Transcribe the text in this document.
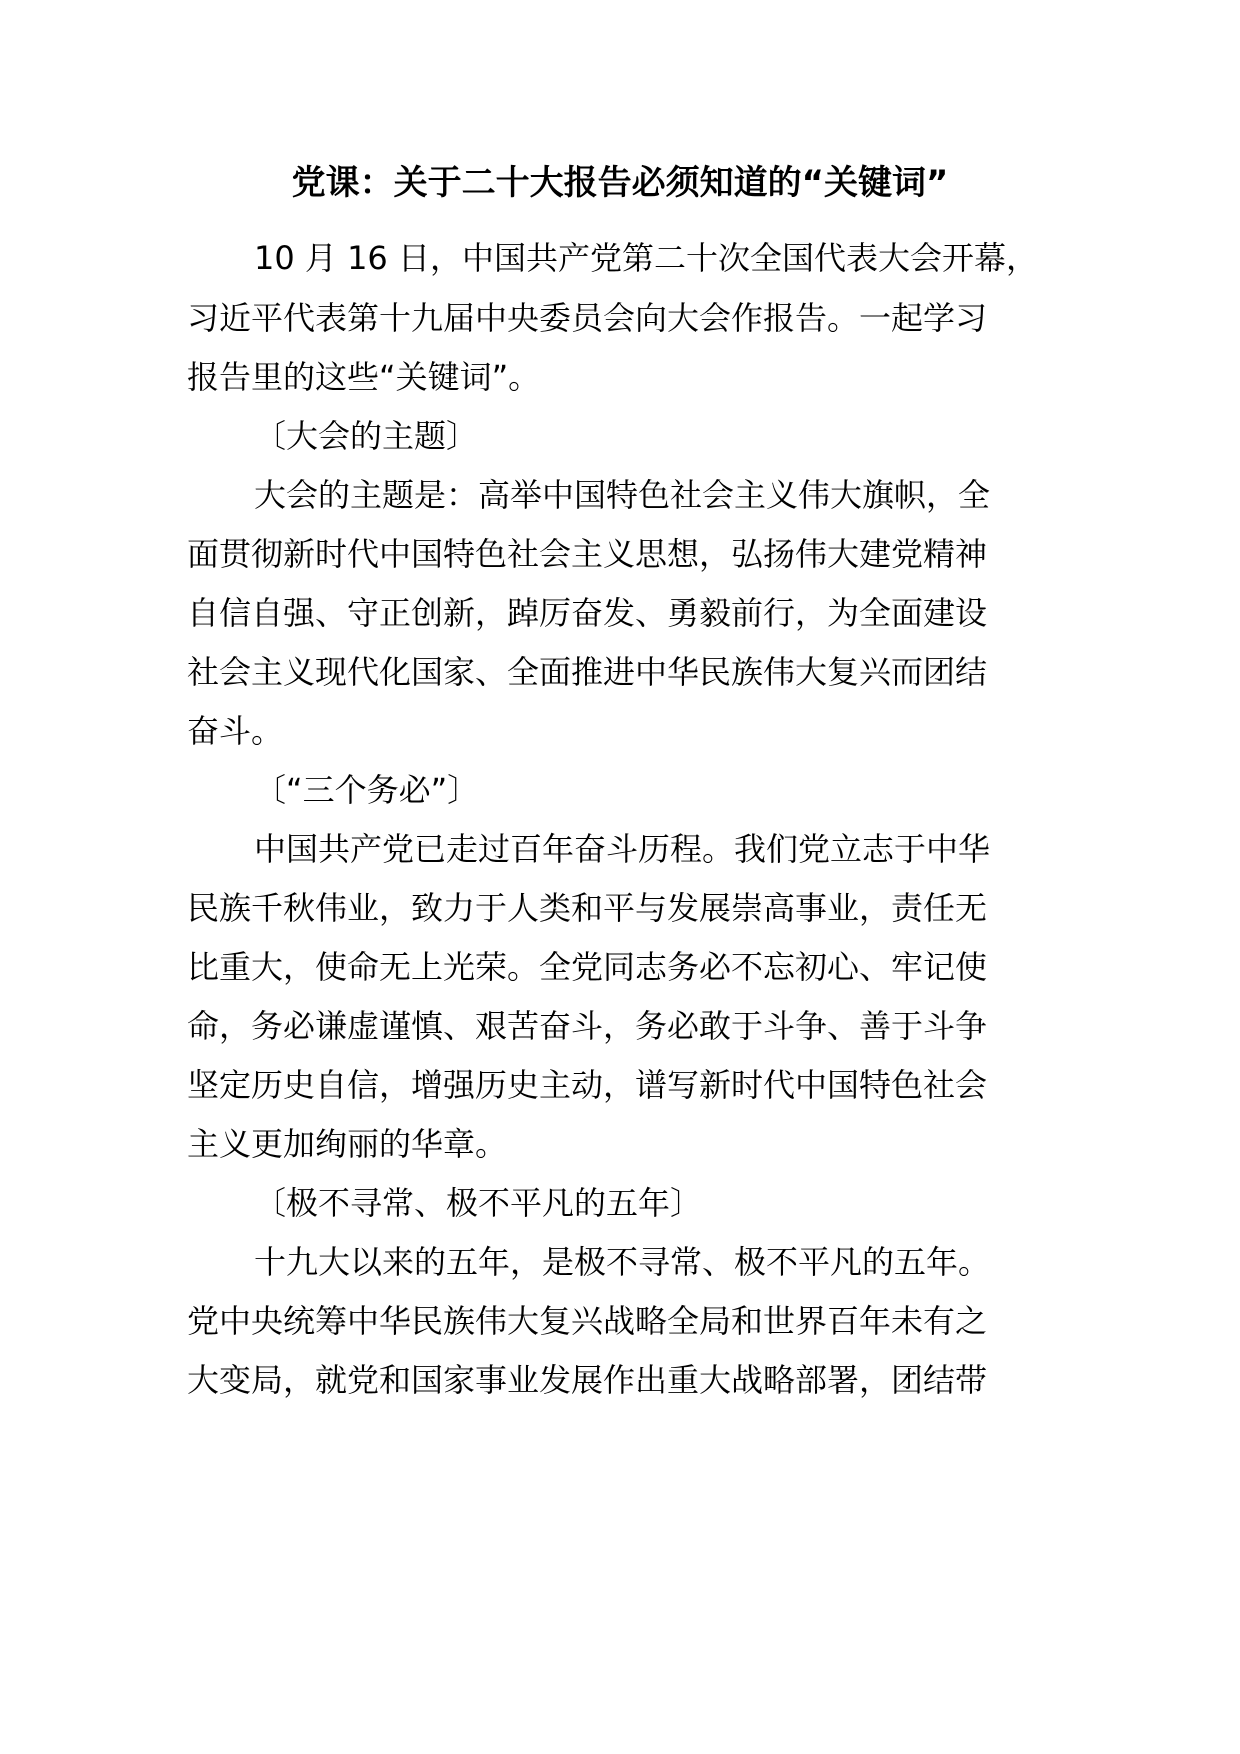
党课：关于二十大报告必须知道的“关键词”
10 月 16 日，中国共产党第二十次全国代表大会开幕，
习近平代表第十九届中央委员会向大会作报告。一起学习
报告里的这些“关键词”。
〔大会的主题〕
大会的主题是：高举中国特色社会主义伟大旗帜，全
面贯彻新时代中国特色社会主义思想，弘扬伟大建党精神
自信自强、守正创新，踔厉奋发、勇毅前行，为全面建设
社会主义现代化国家、全面推进中华民族伟大复兴而团结
奋斗。
〔“三个务必”〕
中国共产党已走过百年奋斗历程。我们党立志于中华
民族千秋伟业，致力于人类和平与发展崇高事业，责任无
比重大，使命无上光荣。全党同志务必不忘初心、牢记使
命，务必谦虚谨慎、艰苦奋斗，务必敢于斗争、善于斗争
坚定历史自信，增强历史主动，谱写新时代中国特色社会
主义更加绚丽的华章。
〔极不寻常、极不平凡的五年〕
十九大以来的五年，是极不寻常、极不平凡的五年。
党中央统筹中华民族伟大复兴战略全局和世界百年未有之
大变局，就党和国家事业发展作出重大战略部署，团结带
